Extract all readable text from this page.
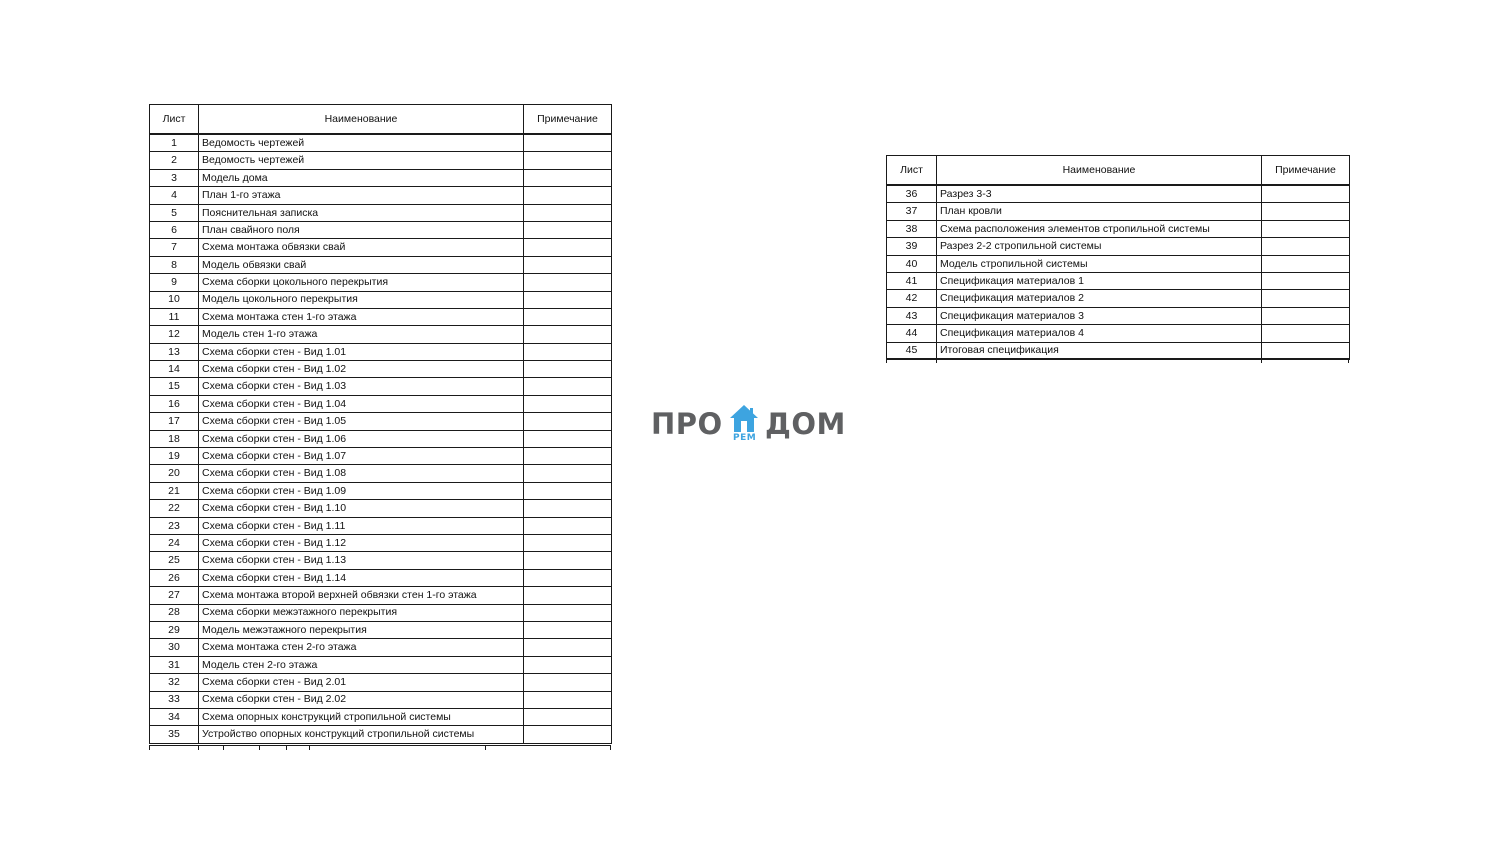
Лист	Наименование	Примечание
1	Ведомость чертежей	
2	Ведомость чертежей	
3	Модель дома	
4	План 1-го этажа	
5	Пояснительная записка	
6	План свайного поля	
7	Схема монтажа обвязки свай	
8	Модель обвязки свай	
9	Схема сборки цокольного перекрытия	
10	Модель цокольного перекрытия	
11	Схема монтажа стен 1-го этажа	
12	Модель стен 1-го этажа	
13	Схема сборки стен - Вид 1.01	
14	Схема сборки стен - Вид 1.02	
15	Схема сборки стен - Вид 1.03	
16	Схема сборки стен - Вид 1.04	
17	Схема сборки стен - Вид 1.05	
18	Схема сборки стен - Вид 1.06	
19	Схема сборки стен - Вид 1.07	
20	Схема сборки стен - Вид 1.08	
21	Схема сборки стен - Вид 1.09	
22	Схема сборки стен - Вид 1.10	
23	Схема сборки стен - Вид 1.11	
24	Схема сборки стен - Вид 1.12	
25	Схема сборки стен - Вид 1.13	
26	Схема сборки стен - Вид 1.14	
27	Схема монтажа второй верхней обвязки стен 1-го этажа	
28	Схема сборки межэтажного перекрытия	
29	Модель межэтажного перекрытия	
30	Схема монтажа стен 2-го этажа	
31	Модель стен 2-го этажа	
32	Схема сборки стен - Вид 2.01	
33	Схема сборки стен - Вид 2.02	
34	Схема опорных конструкций стропильной системы	
35	Устройство опорных конструкций стропильной системы	
Лист	Наименование	Примечание
36	Разрез 3-3	
37	План кровли	
38	Схема расположения элементов стропильной системы	
39	Разрез 2-2 стропильной системы	
40	Модель стропильной системы	
41	Спецификация материалов 1	
42	Спецификация материалов 2	
43	Спецификация материалов 3	
44	Спецификация материалов 4	
45	Итоговая спецификация	
ПРО РЕМ ДОМ
